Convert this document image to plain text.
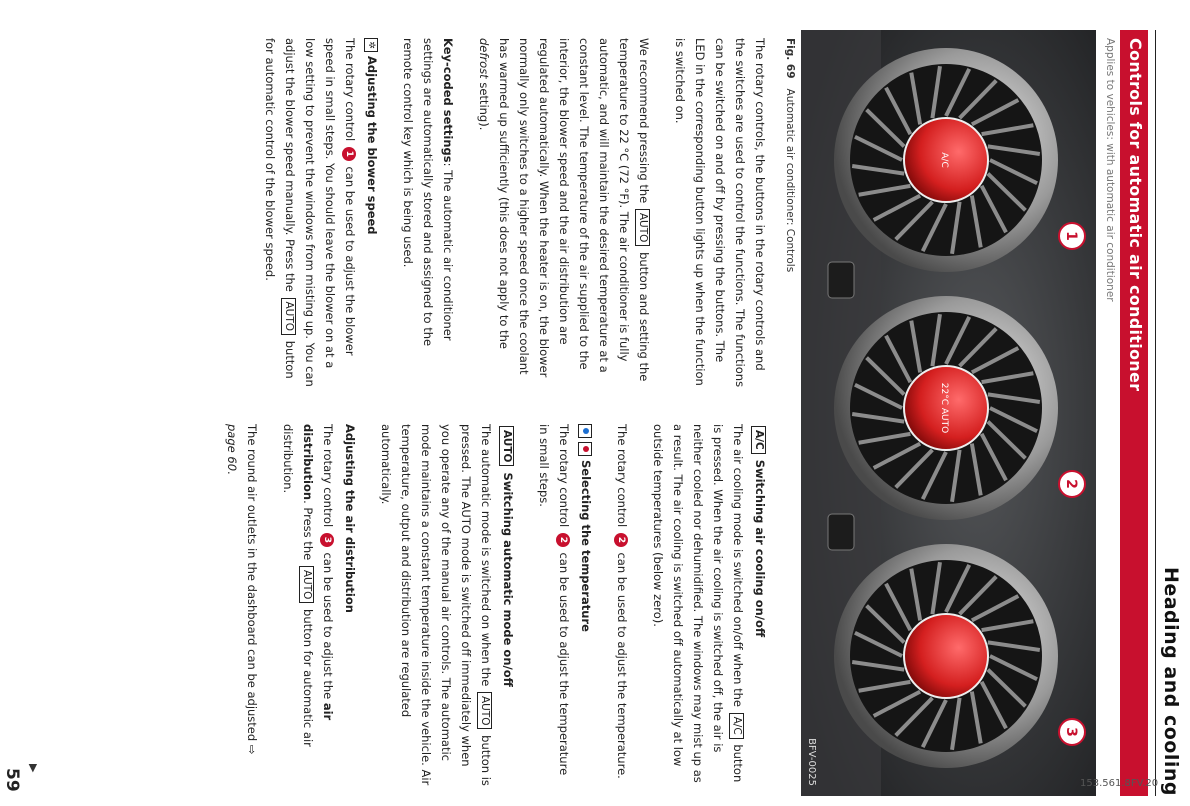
Heading and cooling
Controls for automatic air conditioner
Applies to vehicles: with automatic air conditioner
A/C
22°C AUTO
1
2
3
BFV-0025
Fig. 69Automatic air conditioner: Controls

The rotary controls, the buttons in the rotary controls and the switches are used to control the functions. The functions can be switched on and off by pressing the buttons. The LED in the corresponding button lights up when the function is switched on.

We recommend pressing the AUTO button and setting the temperature to 22 °C (72 °F). The air conditioner is fully automatic, and will maintain the desired temperature at a constant level. The temperature of the air supplied to the interior, the blower speed and the air distribution are regulated automatically. When the heater is on, the blower normally only switches to a higher speed once the coolant has warmed up sufficiently (this does not apply to the defrost setting).

Key-coded settings: The automatic air conditioner settings are automatically stored and assigned to the remote control key which is being used.

✲Adjusting the blower speed

The rotary control 1 can be used to adjust the blower speed in small steps. You should leave the blower on at a low setting to prevent the windows from misting up. You can adjust the blower speed manually. Press the AUTO button for automatic control of the blower speed.

A/C Switching air cooling on/off

The air cooling mode is switched on/off when the A/C button is pressed. When the air cooling is switched off, the air is neither cooled nor dehumidified. The windows may mist up as a result. The air cooling is switched off automatically at low outside temperatures (below zero).

The rotary control 2 can be used to adjust the temperature.

Selecting the temperature

The rotary control 2 can be used to adjust the temperature in small steps.

AUTO Switching automatic mode on/off

The automatic mode is switched on when the AUTO button is pressed. The AUTO mode is switched off immediately when you operate any of the manual air controls. The automatic mode maintains a constant temperature inside the vehicle. Air temperature, output and distribution are regulated automatically.

Adjusting the air distribution

The rotary control 3 can be used to adjust the air distribution. Press the AUTO button for automatic air distribution.

The round air outlets in the dashboard can be adjusted ⇨ page 60.

▶
59	153.561.8FV.20
